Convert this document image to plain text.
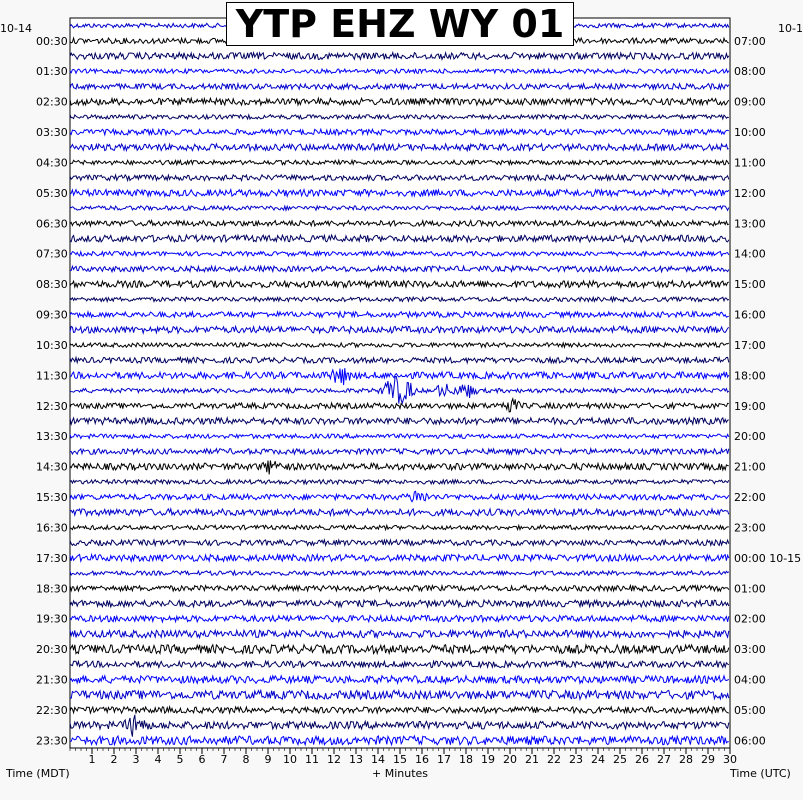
1 2 3 4 5 6 7 8 9 10 11 12 13 14 15 16 17 18 19 20 21 22 23 24 25 26 27 28 29 30
00:30
01:30
02:30
03:30
04:30
05:30
06:30
07:30
08:30
09:30
10:30
11:30
12:30
13:30
14:30
15:30
16:30
17:30
18:30
19:30
20:30
21:30
22:30
23:30
07:00
08:00
09:00
10:00
11:00
12:00
13:00
14:00
15:00
16:00
17:00
18:00
19:00
20:00
21:00
22:00
23:00
00:00 10-15
01:00
02:00
03:00
04:00
05:00
06:00
YTP EHZ WY 01
10-14	10-1
Time (MDT)	+ Minutes	Time (UTC)
